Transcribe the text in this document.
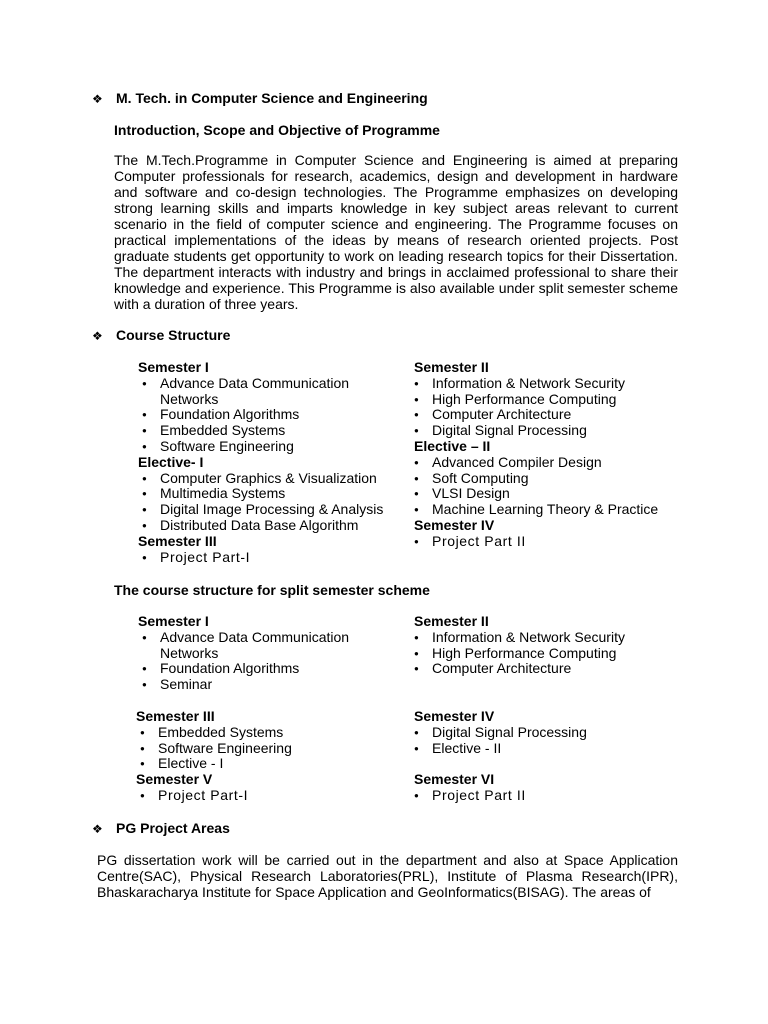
❖ M. Tech. in Computer Science and Engineering
Introduction, Scope and Objective of Programme
The M.Tech.Programme in Computer Science and Engineering is aimed at preparing Computer professionals for research, academics, design and development in hardware and software and co-design technologies. The Programme emphasizes on developing strong learning skills and imparts knowledge in key subject areas relevant to current scenario in the field of computer science and engineering. The Programme focuses on practical implementations of the ideas by means of research oriented projects. Post graduate students get opportunity to work on leading research topics for their Dissertation. The department interacts with industry and brings in acclaimed professional to share their knowledge and experience. This Programme is also available under split semester scheme with a duration of three years.
❖ Course Structure
Semester I
● Advance Data Communication
Networks
● Foundation Algorithms
● Embedded Systems
● Software Engineering
Elective- I
● Computer Graphics & Visualization
● Multimedia Systems
● Digital Image Processing & Analysis
● Distributed Data Base Algorithm
Semester III
● Project Part-I
Semester II
● Information & Network Security
● High Performance Computing
● Computer Architecture
● Digital Signal Processing
Elective – II
● Advanced Compiler Design
● Soft Computing
● VLSI Design
● Machine Learning Theory & Practice
Semester IV
● Project Part II
The course structure for split semester scheme
Semester I
● Advance Data Communication
Networks
● Foundation Algorithms
● Seminar
Semester II
● Information & Network Security
● High Performance Computing
● Computer Architecture
Semester III
● Embedded Systems
● Software Engineering
● Elective - I
Semester V
● Project Part-I
Semester IV
● Digital Signal Processing
● Elective - II
Semester VI
● Project Part II
❖ PG Project Areas
PG dissertation work will be carried out in the department and also at Space Application Centre(SAC), Physical Research Laboratories(PRL), Institute of Plasma Research(IPR), Bhaskaracharya Institute for Space Application and GeoInformatics(BISAG). The areas of
